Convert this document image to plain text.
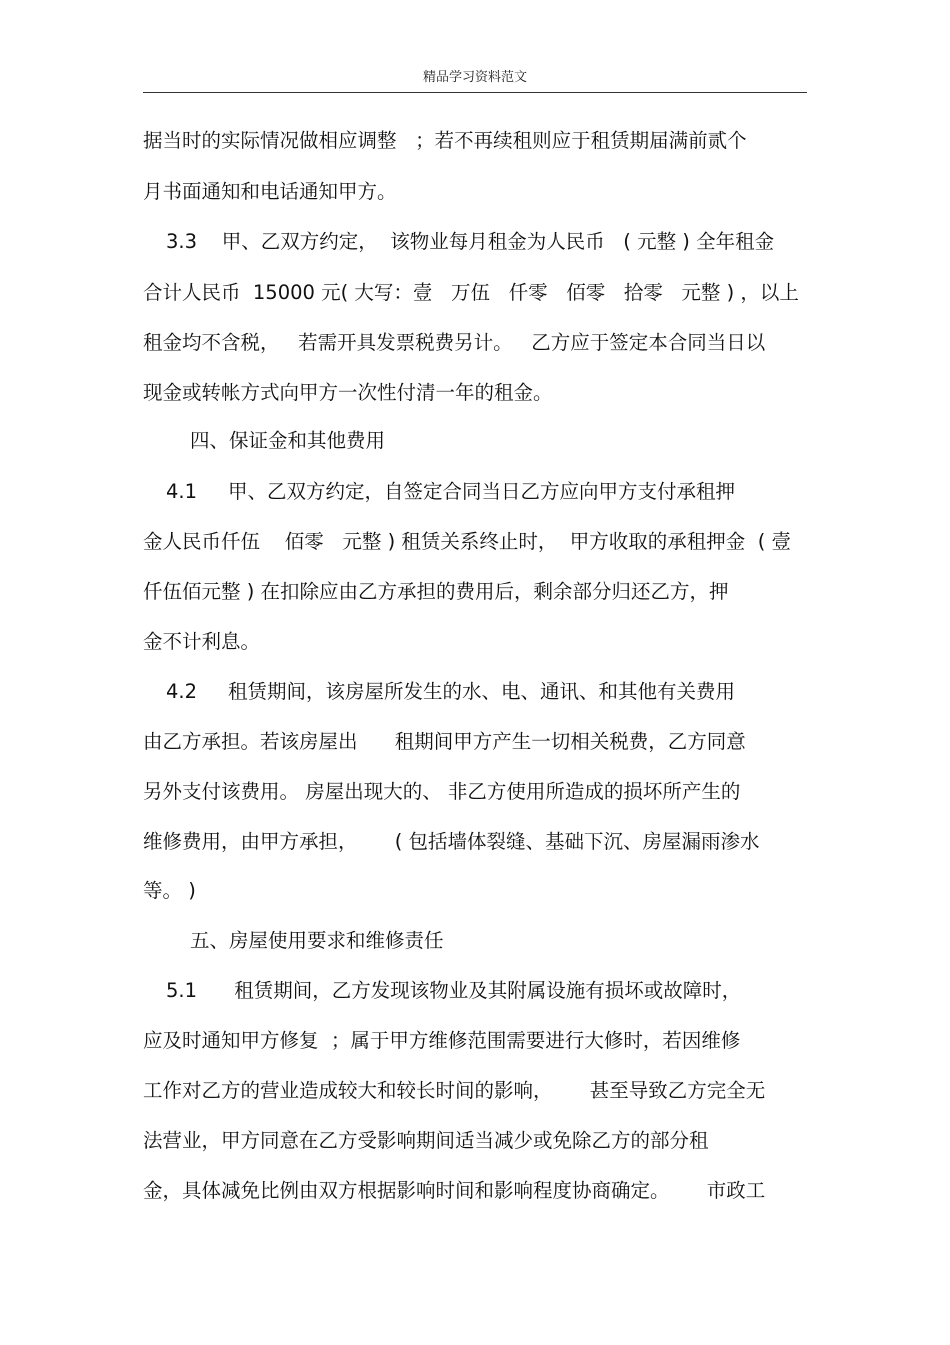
精品学习资料范文
据当时的实际情况做相应调整   ；若不再续租则应于租赁期届满前贰个
月书面通知和电话通知甲方。
3.3    甲、乙双方约定，  该物业每月租金为人民币   ( 元整 ) 全年租金
合计人民币  15000 元( 大写：壹   万伍   仟零   佰零   拾零   元整 ) ，以上
租金均不含税，   若需开具发票税费另计。   乙方应于签定本合同当日以
现金或转帐方式向甲方一次性付清一年的租金。
四、保证金和其他费用
4.1     甲、乙双方约定，自签定合同当日乙方应向甲方支付承租押
金人民币仟伍    佰零   元整 ) 租赁关系终止时，  甲方收取的承租押金  ( 壹
仟伍佰元整 ) 在扣除应由乙方承担的费用后，剩余部分归还乙方，押
金不计利息。
4.2     租赁期间，该房屋所发生的水、电、通讯、和其他有关费用
由乙方承担。若该房屋出      租期间甲方产生一切相关税费，乙方同意
另外支付该费用。 房屋出现大的、 非乙方使用所造成的损坏所产生的
维修费用，由甲方承担，      ( 包括墙体裂缝、基础下沉、房屋漏雨渗水
等。 )
五、房屋使用要求和维修责任
5.1      租赁期间，乙方发现该物业及其附属设施有损坏或故障时，
应及时通知甲方修复  ；属于甲方维修范围需要进行大修时，若因维修
工作对乙方的营业造成较大和较长时间的影响，      甚至导致乙方完全无
法营业，甲方同意在乙方受影响期间适当减少或免除乙方的部分租
金，具体减免比例由双方根据影响时间和影响程度协商确定。      市政工
